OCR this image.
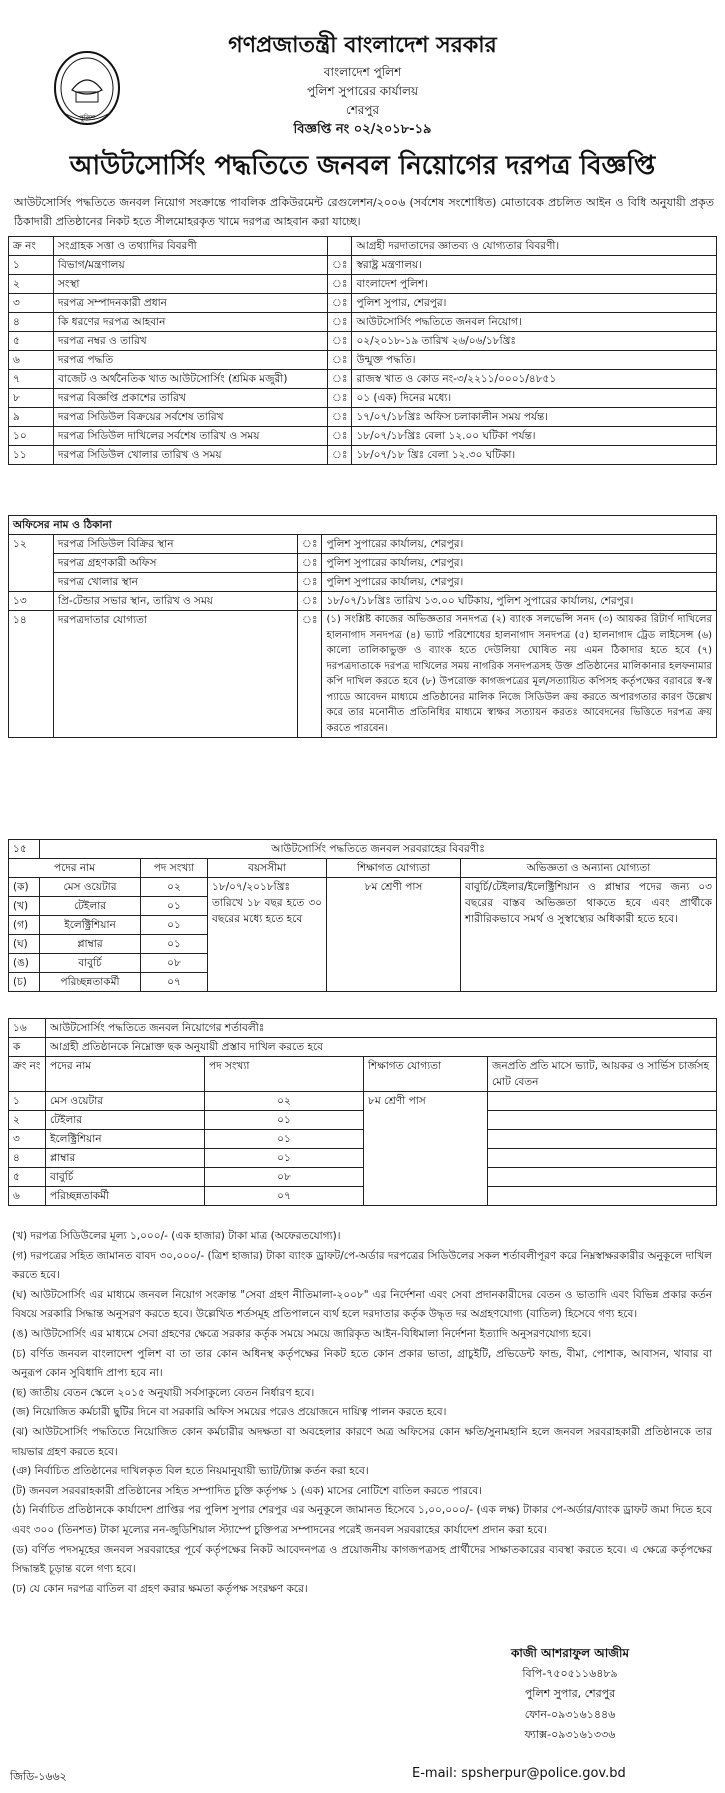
পুলিশ
গণপ্রজাতন্ত্রী বাংলাদেশ সরকার
বাংলাদেশ পুলিশ
পুলিশ সুপারের কার্যালয়
শেরপুর
বিজ্ঞপ্তি নং ০২/২০১৮-১৯
আউটসোর্সিং পদ্ধতিতে জনবল নিয়োগের দরপত্র বিজ্ঞপ্তি
আউটসোর্সিং পদ্ধতিতে জনবল নিয়োগ সংক্রান্তে পাবলিক প্রকিউরমেন্ট রেগুলেশন/২০০৬ (সর্বশেষ সংশোধিত) মোতাবেক প্রচলিত আইন ও বিধি অনুযায়ী প্রকৃত ঠিকাদারী প্রতিষ্ঠানের নিকট হতে সীলমোহরকৃত খামে দরপত্র আহবান করা যাচ্ছে।
ক্র নং	সংগ্রাহক সত্তা ও তথ্যাদির বিবরণী		আগ্রহী দরদাতাদের জ্ঞাতব্য ও যোগ্যতার বিবরণী।
১	বিভাগ/মন্ত্রণালয়	ঃ	স্বরাষ্ট্র মন্ত্রণালয়।
২	সংস্থা	ঃ	বাংলাদেশ পুলিশ।
৩	দরপত্র সম্পাদনকারী প্রধান	ঃ	পুলিশ সুপার, শেরপুর।
৪	কি ধরণের দরপত্র আহবান	ঃ	আউটসোর্সিং পদ্ধতিতে জনবল নিয়োগ।
৫	দরপত্র নম্বর ও তারিখ	ঃ	০২/২০১৮-১৯ তারিখ ২৬/০৬/১৮খ্রিঃ
৬	দরপত্র পদ্ধতি	ঃ	উন্মুক্ত পদ্ধতি।
৭	বাজেট ও অর্থনৈতিক খাত আউটসোর্সিং (শ্রমিক মজুরী)	ঃ	রাজস্ব খাত ও কোড নং-৩/২২১১/০০০১/৪৮৫১
৮	দরপত্র বিজ্ঞপ্তি প্রকাশের তারিখ	ঃ	০১ (এক) দিনের মধ্যে।
৯	দরপত্র সিডিউল বিক্রয়ের সর্বশেষ তারিখ	ঃ	১৭/০৭/১৮খ্রিঃ অফিস চলাকালীন সময় পর্যন্ত।
১০	দরপত্র সিডিউল দাখিলের সর্বশেষ তারিখ ও সময়	ঃ	১৮/০৭/১৮খ্রিঃ বেলা ১২.০০ ঘটিকা পর্যন্ত।
১১	দরপত্র সিডিউল খোলার তারিখ ও সময়	ঃ	১৮/০৭/১৮ খ্রিঃ বেলা ১২.৩০ ঘটিকা।
অফিসের নাম ও ঠিকানা			
১২	দরপত্র সিডিউল বিক্রির স্থান	ঃ	পুলিশ সুপারের কার্যালয়, শেরপুর।
	দরপত্র গ্রহণকারী অফিস	ঃ	পুলিশ সুপারের কার্যালয়, শেরপুর।
	দরপত্র খোলার স্থান	ঃ	পুলিশ সুপারের কার্যালয়, শেরপুর।
১৩	প্রি-টেন্ডার সভার স্থান, তারিখ ও সময়	ঃ	১৮/০৭/১৮খ্রিঃ তারিখ ১৩.০০ ঘটিকায়, পুলিশ সুপারের কার্যালয়, শেরপুর।
১৪	দরপত্রদাতার যোগ্যতা	ঃ	(১) সংশ্লিষ্ট কাজের অভিজ্ঞতার সনদপত্র (২) ব্যাংক সলভেন্সি সনদ (৩) আয়কর রিটার্ণ দাখিলের হালনাগাদ সনদপত্র (৪) ভ্যাট পরিশোধের হালনাগাদ সনদপত্র (৫) হালনাগাদ ট্রেড লাইসেন্স (৬) কালো তালিকাভুক্ত ও ব্যাংক হতে দেউলিয়া ঘোষিত নয় এমন ঠিকাদার হতে হবে (৭) দরপত্রদাতাকে দরপত্র দাখিলের সময় নাগরিক সনদপত্রসহ উক্ত প্রতিষ্ঠানের মালিকানার হলফনামার কপি দাখিল করতে হবে (৮) উপরোক্ত কাগজপত্রের মূল/সত্যায়িত কপিসহ কর্তৃপক্ষের বরাবরে স্ব-স্ব প্যাডে আবেদন মাধ্যমে প্রতিষ্ঠানের মালিক নিজে সিডিউল ক্রয় করতে অপারগতার কারণ উল্লেখ করে তার মনোনীত প্রতিনিধির মাধ্যমে স্বাক্ষর সত্যায়ন করতঃ আবেদনের ভিত্তিতে দরপত্র ক্রয় করতে পারবেন।
১৫	আউটসোর্সিং পদ্ধতিতে জনবল সরবরাহের বিবরণীঃ				
পদের নাম		পদ সংখ্যা	বয়সসীমা	শিক্ষাগত যোগ্যতা	অভিজ্ঞতা ও অন্যান্য যোগ্যতা
(ক)	মেস ওয়েটার	০২	১৮/০৭/২০১৮খ্রিঃ তারিখে ১৮ বছর হতে ৩০ বছরের মধ্যে হতে হবে	৮ম শ্রেণী পাস	বাবুর্চি/টেইলার/ইলেক্ট্রিশিয়ান ও প্লাম্বার পদের জন্য ০৩ বছরের বাস্তব অভিজ্ঞতা থাকতে হবে এবং প্রার্থীকে শারীরিকভাবে সমর্থ ও সুস্বাস্থ্যের অধিকারী হতে হবে।
(খ)	টেইলার	০১			
(গ)	ইলেক্ট্রিশিয়ান	০১			
(ঘ)	প্লাম্বার	০১			
(ঙ)	বাবুর্চি	০৮			
(চ)	পরিচ্ছন্নতাকর্মী	০৭			
১৬	আউটসোর্সিং পদ্ধতিতে জনবল নিয়োগের শর্তাবলীঃ			
ক	আগ্রহী প্রতিষ্ঠানকে নিম্নোক্ত ছক অনুযায়ী প্রস্তাব দাখিল করতে হবে			
ক্রং নং	পদের নাম	পদ সংখ্যা	শিক্ষাগত যোগ্যতা	জনপ্রতি প্রতি মাসে ভ্যাট, আয়কর ও সার্ভিস চার্জসহ মোট বেতন
১	মেস ওয়েটার	০২	৮ম শ্রেণী পাস	
২	টেইলার	০১		
৩	ইলেক্ট্রিশিয়ান	০১		
৪	প্লাম্বার	০১		
৫	বাবুর্চি	০৮		
৬	পরিচ্ছন্নতাকর্মী	০৭		
(খ) দরপত্র সিডিউলের মূল্য ১,০০০/- (এক হাজার) টাকা মাত্র (অফেরতযোগ্য)।
(গ) দরপত্রের সহিত জামানত বাবদ ৩০,০০০/- (ত্রিশ হাজার) টাকা ব্যাংক ড্রাফট/পে-অর্ডার দরপত্রের সিডিউলের সকল শর্তাবলীপূরণ করে নিম্নস্বাক্ষরকারীর অনুকূলে দাখিল করতে হবে।
(ঘ) আউটসোর্সিং এর মাধ্যমে জনবল নিয়োগ সংক্রান্ত "সেবা গ্রহণ নীতিমালা-২০০৮" এর নির্দেশনা এবং সেবা প্রদানকারীদের বেতন ও ভাতাদি এবং বিভিন্ন প্রকার কর্তন বিষয়ে সরকারি সিদ্ধান্ত অনুসরণ করতে হবে। উল্লেখিত শর্তসমূহ প্রতিপালনে ব্যর্থ হলে দরদাতার কর্তৃক উদ্ধৃত দর অগ্রহণযোগ্য (বাতিল) হিসেবে গণ্য হবে।
(ঙ) আউটসোর্সিং এর মাধ্যমে সেবা গ্রহণের ক্ষেত্রে সরকার কর্তৃক সময়ে সময়ে জারিকৃত আইন-বিধিমালা নির্দেশনা ইত্যাদি অনুসরণযোগ্য হবে।
(চ) বর্ণিত জনবল বাংলাদেশ পুলিশ বা তা তার কোন অধিনস্থ কর্তৃপক্ষের নিকট হতে কোন প্রকার ভাতা, গ্রাচুইটি, প্রভিডেন্ট ফান্ড, বীমা, পোশাক, আবাসন, খাবার বা অনুরূপ কোন সুবিধাদি প্রাপ্য হবে না।
(ছ) জাতীয় বেতন স্কেলে ২০১৫ অনুযায়ী সর্বসাকুল্যে বেতন নির্ধারণ হবে।
(জ) নিয়োজিত কর্মচারী ছুটির দিনে বা সরকারি অফিস সময়ের পরেও প্রয়োজনে দায়িত্ব পালন করতে হবে।
(ঝ) আউটসোর্সিং পদ্ধতিতে নিয়োজিত কোন কর্মচারীর অদক্ষতা বা অবহেলার কারণে অত্র অফিসের কোন ক্ষতি/সুনামহানি হলে জনবল সরবরাহকারী প্রতিষ্ঠানকে তার দায়ভার গ্রহণ করতে হবে।
(ঞ) নির্বাচিত প্রতিষ্ঠানের দাখিলকৃত বিল হতে নিয়মানুযায়ী ভ্যাট/ট্যাক্স কর্তন করা হবে।
(ট) জনবল সরবরাহকারী প্রতিষ্ঠানের সহিত সম্পাদিত চুক্তি কর্তৃপক্ষ ১ (এক) মাসের নোটিশে বাতিল করতে পারবে।
(ঠ) নির্বাচিত প্রতিষ্ঠানকে কার্যাদেশ প্রাপ্তির পর পুলিশ সুপার শেরপুর এর অনুকূলে জামানত হিসেবে ১,০০,০০০/- (এক লক্ষ) টাকার পে-অর্ডার/ব্যাংক ড্রাফট জমা দিতে হবে এবং ৩০০ (তিনশত) টাকা মূল্যের নন-জুডিশিয়াল স্ট্যাম্পে চুক্তিপত্র সম্পাদনের পরেই জনবল সরবরাহের কার্যাদেশ প্রদান করা হবে।
(ড) বর্ণিত পদসমূহের জনবল সরবরাহের পূর্বে কর্তৃপক্ষের নিকট আবেদনপত্র ও প্রয়োজনীয় কাগজপত্রসহ প্রার্থীদের সাক্ষাতকারের ব্যবস্থা করতে হবে। এ ক্ষেত্রে কর্তৃপক্ষের সিদ্ধান্তই চূড়ান্ত বলে গণ্য হবে।
(ঢ) যে কোন দরপত্র বাতিল বা গ্রহণ করার ক্ষমতা কর্তৃপক্ষ সংরক্ষণ করে।
কাজী আশরাফুল আজীম
বিপি-৭৫০৫১১৬৪৮৯
পুলিশ সুপার, শেরপুর
ফোন-০৯৩১৬১৪৪৬
ফ্যাক্স-০৯৩১৬১৩৩৬
জিডি-১৬৬২	E-mail: spsherpur@police.gov.bd
